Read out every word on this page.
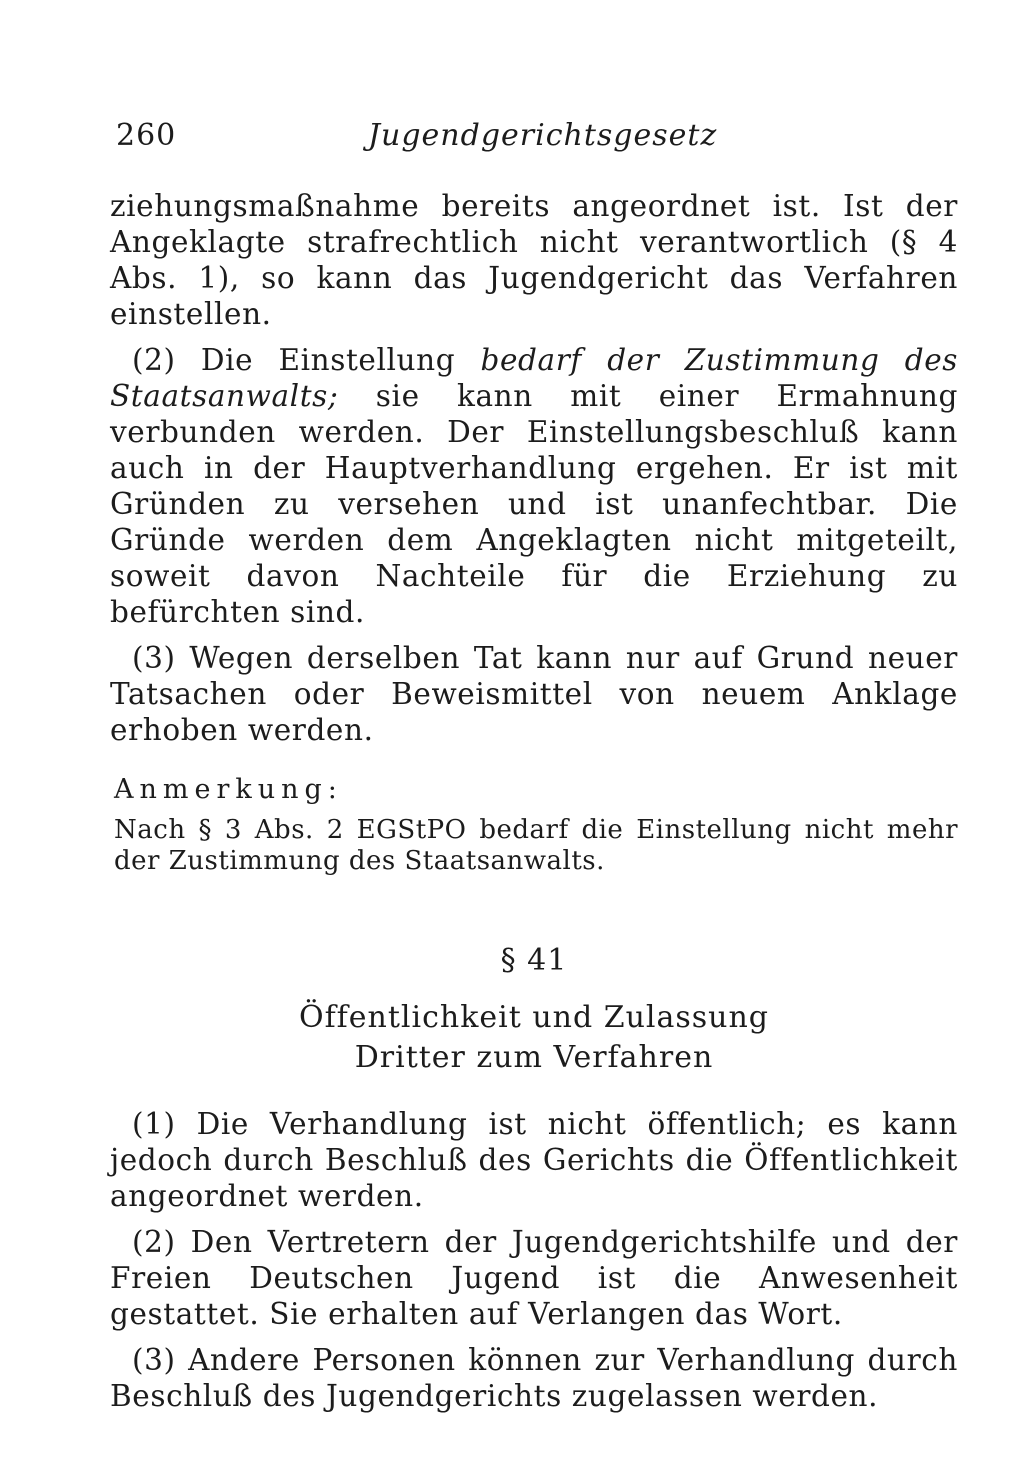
260	Jugendgerichtsgesetz

ziehungsmaßnahme bereits angeordnet ist. Ist der Angeklagte strafrechtlich nicht verantwortlich (§ 4 Abs. 1), so kann das Jugendgericht das Verfahren einstellen.

(2) Die Einstellung bedarf der Zustimmung des Staatsanwalts; sie kann mit einer Ermahnung verbunden werden. Der Einstellungsbeschluß kann auch in der Hauptverhandlung ergehen. Er ist mit Gründen zu versehen und ist unanfechtbar. Die Gründe werden dem Angeklagten nicht mitgeteilt, soweit davon Nachteile für die Erziehung zu befürchten sind.

(3) Wegen derselben Tat kann nur auf Grund neuer Tatsachen oder Beweismittel von neuem Anklage erhoben werden.

Anmerkung:

Nach § 3 Abs. 2 EGStPO bedarf die Einstellung nicht mehr der Zustimmung des Staatsanwalts.

§ 41
Öffentlichkeit und Zulassung
Dritter zum Verfahren

(1) Die Verhandlung ist nicht öffentlich; es kann jedoch durch Beschluß des Gerichts die Öffentlichkeit angeordnet werden.

(2) Den Vertretern der Jugendgerichtshilfe und der Freien Deutschen Jugend ist die Anwesenheit gestattet. Sie erhalten auf Verlangen das Wort.

(3) Andere Personen können zur Verhandlung durch Beschluß des Jugendgerichts zugelassen werden.
